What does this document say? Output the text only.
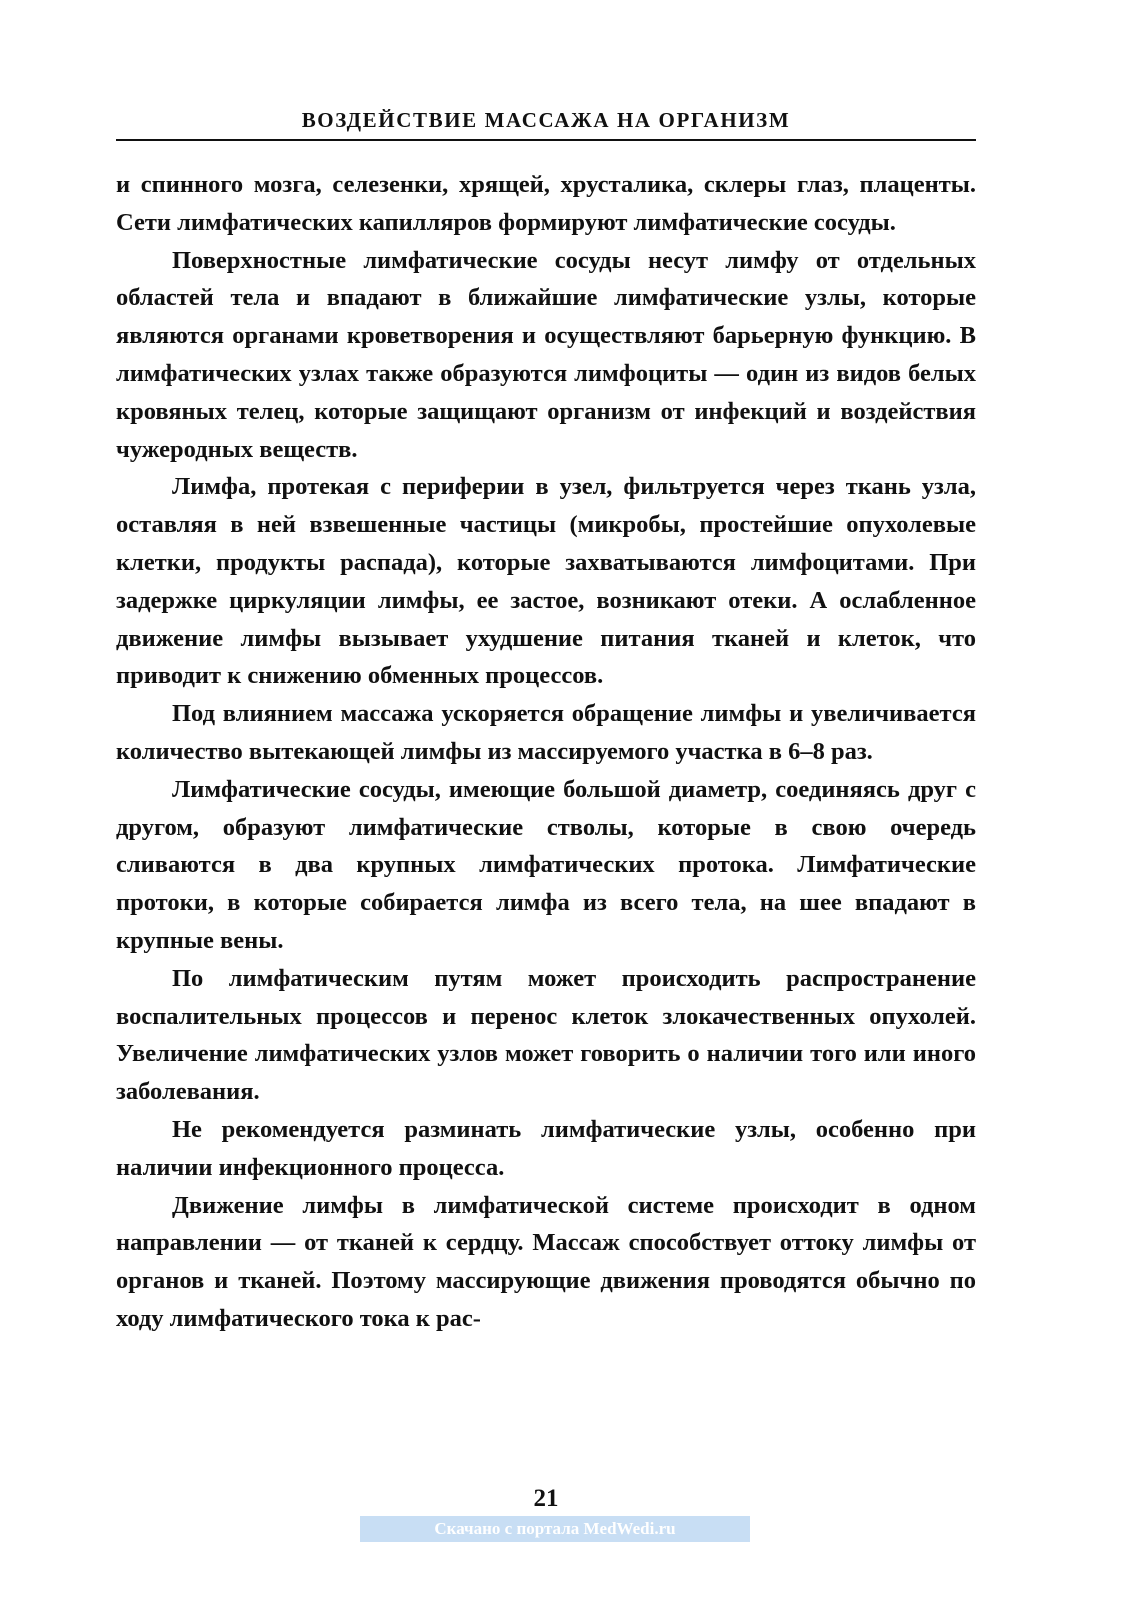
ВОЗДЕЙСТВИЕ МАССАЖА НА ОРГАНИЗМ

и спинного мозга, селезенки, хрящей, хрусталика, склеры глаз, плаценты. Сети лимфатических капилляров формируют лимфатические сосуды.

Поверхностные лимфатические сосуды несут лимфу от отдельных областей тела и впадают в ближайшие лимфатические узлы, которые являются органами кроветворения и осуществляют барьерную функцию. В лимфатических узлах также образуются лимфоциты — один из видов белых кровяных телец, которые защищают организм от инфекций и воздействия чужеродных веществ.

Лимфа, протекая с периферии в узел, фильтруется через ткань узла, оставляя в ней взвешенные частицы (микробы, простейшие опухолевые клетки, продукты распада), которые захватываются лимфоцитами. При задержке циркуляции лимфы, ее застое, возникают отеки. А ослабленное движение лимфы вызывает ухудшение питания тканей и клеток, что приводит к снижению обменных процессов.

Под влиянием массажа ускоряется обращение лимфы и увеличивается количество вытекающей лимфы из массируемого участка в 6–8 раз.

Лимфатические сосуды, имеющие большой диаметр, соединяясь друг с другом, образуют лимфатические стволы, которые в свою очередь сливаются в два крупных лимфатических протока. Лимфатические протоки, в которые собирается лимфа из всего тела, на шее впадают в крупные вены.

По лимфатическим путям может происходить распространение воспалительных процессов и перенос клеток злокачественных опухолей. Увеличение лимфатических узлов может говорить о наличии того или иного заболевания.

Не рекомендуется разминать лимфатические узлы, особенно при наличии инфекционного процесса.

Движение лимфы в лимфатической системе происходит в одном направлении — от тканей к сердцу. Массаж способствует оттоку лимфы от органов и тканей. Поэтому массирующие движения проводятся обычно по ходу лимфатического тока к рас-

21
Скачано с портала MedWedi.ru
